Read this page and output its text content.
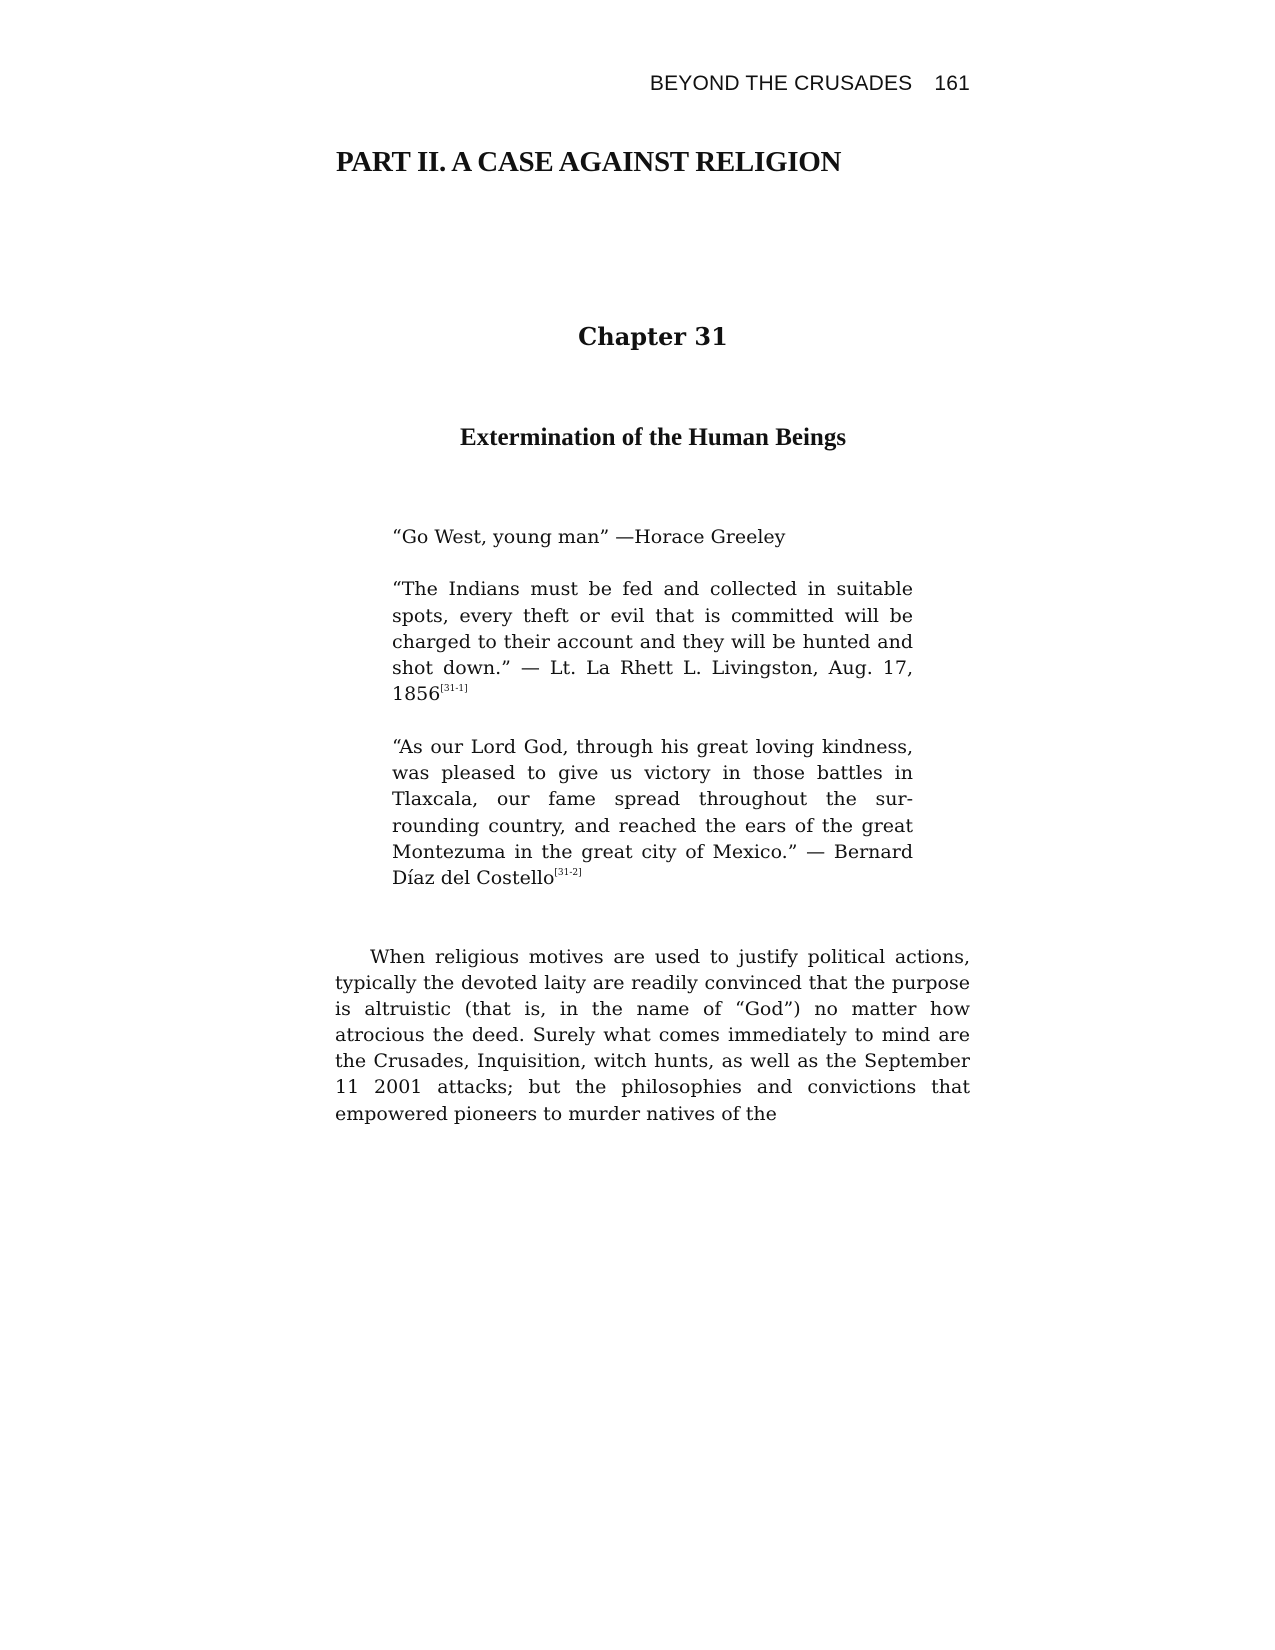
BEYOND THE CRUSADES 161
PART II. A CASE AGAINST RELIGION
Chapter 31
Extermination of the Human Beings

“Go West, young man” —Horace Greeley

“The Indians must be fed and collected in suitable spots, every theft or evil that is committed will be charged to their account and they will be hunted and shot down.” — Lt. La Rhett L. Livingston, Aug. 17, 1856[31-1]

“As our Lord God, through his great loving kindness, was pleased to give us victory in those battles in Tlaxcala, our fame spread throughout the surrounding country, and reached the ears of the great Montezuma in the great city of Mexico.” — Bernard Díaz del Costello[31-2]

When religious motives are used to justify political actions, typically the devoted laity are readily convinced that the purpose is altruistic (that is, in the name of “God”) no matter how atrocious the deed. Surely what comes immediately to mind are the Crusades, Inquisition, witch hunts, as well as the September 11 2001 attacks; but the philosophies and convictions that empowered pioneers to murder natives of the
